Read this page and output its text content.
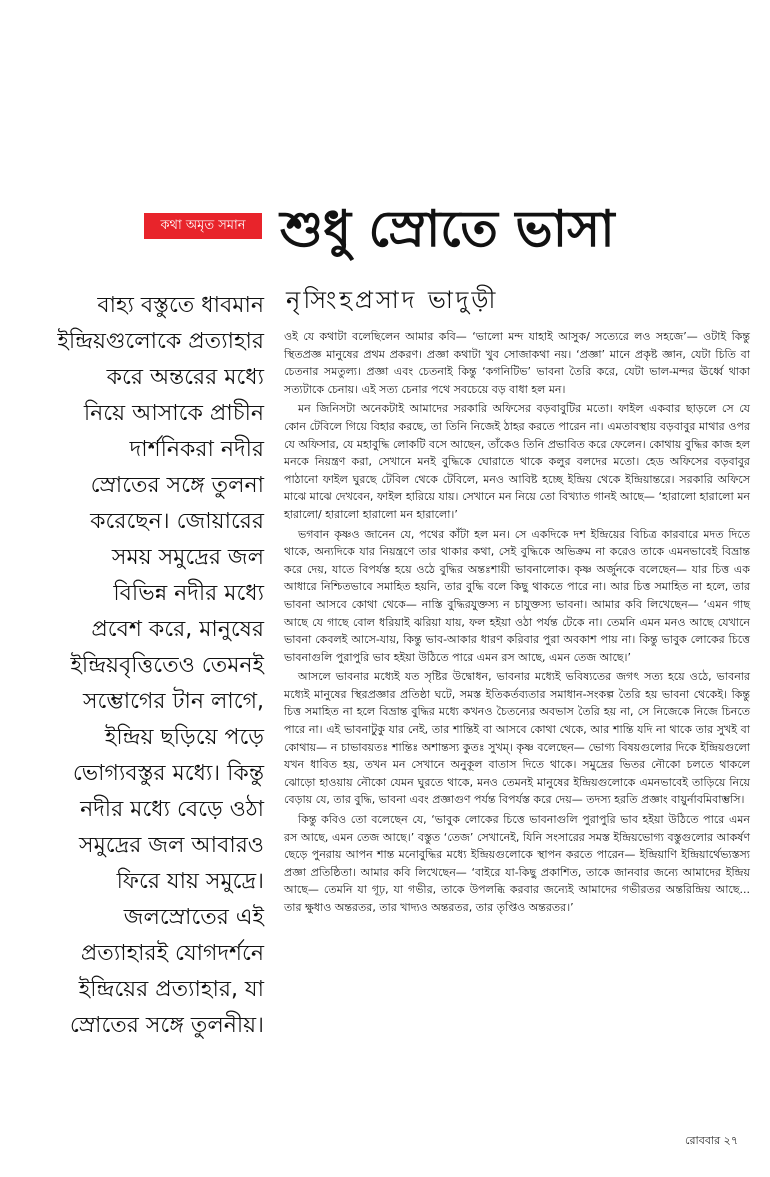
কথা অমৃত সমান শুধু স্রোতে ভাসা
নৃসিংহপ্রসাদ ভাদুড়ী
বাহ্য বস্তুতে ধাবমান
ইন্দ্রিয়গুলোকে প্রত্যাহার
করে অন্তরের মধ্যে
নিয়ে আসাকে প্রাচীন
দার্শনিকরা নদীর
স্রোতের সঙ্গে তুলনা
করেছেন। জোয়ারের
সময় সমুদ্রের জল
বিভিন্ন নদীর মধ্যে
প্রবেশ করে, মানুষের
ইন্দ্রিয়বৃত্তিতেও তেমনই
সম্ভোগের টান লাগে,
ইন্দ্রিয় ছড়িয়ে পড়ে
ভোগ্যবস্তুর মধ্যে। কিন্তু
নদীর মধ্যে বেড়ে ওঠা
সমুদ্রের জল আবারও
ফিরে যায় সমুদ্রে।
জলস্রোতের এই
প্রত্যাহারই যোগদর্শনে
ইন্দ্রিয়ের প্রত্যাহার, যা
স্রোতের সঙ্গে তুলনীয়।

ওই যে কথাটা বলেছিলেন আমার কবি— ‘ভালো মন্দ যাহাই আসুক/ সত্যেরে লও সহজে’— ওটাই কিন্তু স্থিতপ্রজ্ঞ মানুষের প্রথম প্রকরণ। প্রজ্ঞা কথাটা খুব সোজাকথা নয়। ‘প্রজ্ঞা’ মানে প্রকৃষ্ট জ্ঞান, যেটা চিতি বা চেতনার সমতুল্য। প্রজ্ঞা এবং চেতনাই কিন্তু ‘কগনিটিভ’ ভাবনা তৈরি করে, যেটা ভাল-মন্দর ঊর্ধ্বে থাকা সত্যটাকে চেনায়। এই সত্য চেনার পথে সবচেয়ে বড় বাধা হল মন।

মন জিনিসটা অনেকটাই আমাদের সরকারি অফিসের বড়বাবুটির মতো। ফাইল একবার ছাড়লে সে যে কোন টেবিলে গিয়ে বিহার করছে, তা তিনি নিজেই ঠাহর করতে পারেন না। এমতাবস্থায় বড়বাবুর মাথার ওপর যে অফিসার, যে মহাবুদ্ধি লোকটি বসে আছেন, তাঁকেও তিনি প্রভাবিত করে ফেলেন। কোথায় বুদ্ধির কাজ হল মনকে নিয়ন্ত্রণ করা, সেখানে মনই বুদ্ধিকে ঘোরাতে থাকে কলুর বলদের মতো। হেড অফিসের বড়বাবুর পাঠানো ফাইল ঘুরছে টেবিল থেকে টেবিলে, মনও আবিষ্ট হচ্ছে ইন্দ্রিয় থেকে ইন্দ্রিয়ান্তরে। সরকারি অফিসে মাঝে মাঝে দেখবেন, ফাইল হারিয়ে যায়। সেখানে মন নিয়ে তো বিখ্যাত গানই আছে— ‘হারালো হারালো মন হারালো/ হারালো হারালো মন হারালো।’

ভগবান কৃষ্ণও জানেন যে, পথের কাঁটা হল মন। সে একদিকে দশ ইন্দ্রিয়ের বিচিত্র কারবারে মদত দিতে থাকে, অন্যদিকে যার নিয়ন্ত্রণে তার থাকার কথা, সেই বুদ্ধিকে অভিক্রম না করেও তাকে এমনভাবেই বিভ্রান্ত করে দেয়, যাতে বিপর্যস্ত হয়ে ওঠে বুদ্ধির অন্তঃশায়ী ভাবনালোক। কৃষ্ণ অর্জুনকে বলেছেন— যার চিত্ত এক আধারে নিশ্চিতভাবে সমাহিত হয়নি, তার বুদ্ধি বলে কিছু থাকতে পারে না। আর চিত্ত সমাহিত না হলে, তার ভাবনা আসবে কোথা থেকে— নাস্তি বুদ্ধিরযুক্তস্য ন চাযুক্তস্য ভাবনা। আমার কবি লিখেছেন— ‘এমন গাছ আছে যে গাছে বোল ধরিয়াই ঝরিয়া যায়, ফল হইয়া ওঠা পর্যন্ত টেকে না। তেমনি এমন মনও আছে যেখানে ভাবনা কেবলই আসে-যায়, কিন্তু ভাব-আকার ধারণ করিবার পুরা অবকাশ পায় না। কিন্তু ভাবুক লোকের চিত্তে ভাবনাগুলি পুরাপুরি ভাব হইয়া উঠিতে পারে এমন রস আছে, এমন তেজ আছে।’

আসলে ভাবনার মধ্যেই যত সৃষ্টির উদ্বোধন, ভাবনার মধ্যেই ভবিষ্যতের জগৎ সত্য হয়ে ওঠে, ভাবনার মধ্যেই মানুষের স্থিরপ্রজ্ঞার প্রতিষ্ঠা ঘটে, সমস্ত ইতিকর্তব্যতার সমাধান-সংকল্প তৈরি হয় ভাবনা থেকেই। কিন্তু চিত্ত সমাহিত না হলে বিভ্রান্ত বুদ্ধির মধ্যে কখনও চৈতন্যের অবভাস তৈরি হয় না, সে নিজেকে নিজে চিনতে পারে না। এই ভাবনাটুকু যার নেই, তার শান্তিই বা আসবে কোথা থেকে, আর শান্তি যদি না থাকে তার সুখই বা কোথায়— ন চাভাবয়তঃ শান্তিঃ অশান্তস্য কুতঃ সুখম্। কৃষ্ণ বলেছেন— ভোগ্য বিষয়গুলোর দিকে ইন্দ্রিয়গুলো যখন ধাবিত হয়, তখন মন সেখানে অনুকূল বাতাস দিতে থাকে। সমুদ্রের ভিতর নৌকো চলতে থাকলে ঝোড়ো হাওয়ায় নৌকো যেমন ঘুরতে থাকে, মনও তেমনই মানুষের ইন্দ্রিয়গুলোকে এমনভাবেই তাড়িয়ে নিয়ে বেড়ায় যে, তার বুদ্ধি, ভাবনা এবং প্রজ্ঞাগুণ পর্যন্ত বিপর্যস্ত করে দেয়— তদস্য হরতি প্রজ্ঞাং বায়ুর্নাবমিবাম্ভসি।

কিন্তু কবিও তো বলেছেন যে, ‘ভাবুক লোকের চিত্তে ভাবনাগুলি পুরাপুরি ভাব হইয়া উঠিতে পারে এমন রস আছে, এমন তেজ আছে।’ বস্তুত ‘তেজ’ সেখানেই, যিনি সংসারের সমস্ত ইন্দ্রিয়ভোগ্য বস্তুগুলোর আকর্ষণ ছেড়ে পুনরায় আপন শান্ত মনোবুদ্ধির মধ্যে ইন্দ্রিয়গুলোকে স্থাপন করতে পারেন— ইন্দ্রিয়াণি ইন্দ্রিয়ার্থেভ্যস্তস্য প্রজ্ঞা প্রতিষ্ঠিতা। আমার কবি লিখেছেন— ‘বাইরে যা-কিছু প্রকাশিত, তাকে জানবার জন্যে আমাদের ইন্দ্রিয় আছে— তেমনি যা গূঢ়, যা গভীর, তাকে উপলব্ধি করবার জন্যেই আমাদের গভীরতর অন্তরিন্দ্রিয় আছে... তার ক্ষুধাও অন্তরতর, তার খাদ্যও অন্তরতর, তার তৃপ্তিও অন্তরতর।’

রোববার ২৭
